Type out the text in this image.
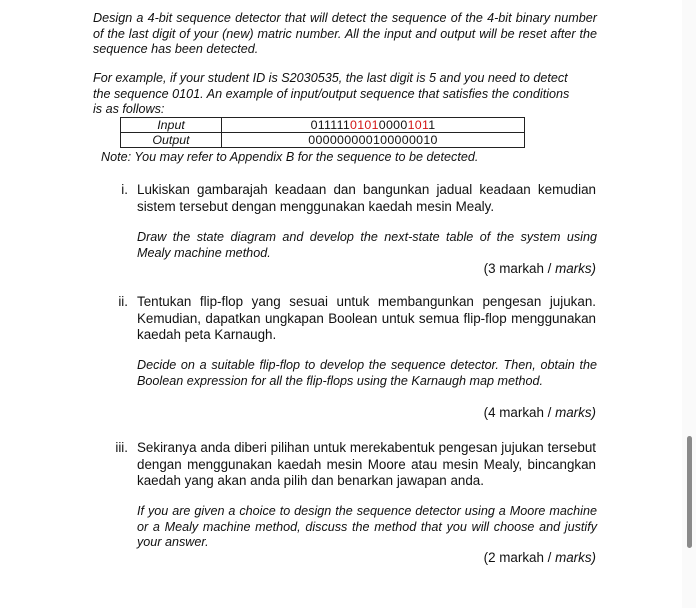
Design a 4-bit sequence detector that will detect the sequence of the 4-bit binary number of the last digit of your (new) matric number. All the input and output will be reset after the sequence has been detected.

For example, if your student ID is S2030535, the last digit is 5 and you need to detect
the sequence 0101. An example of input/output sequence that satisfies the conditions
is as follows:

Input	011111010100001011
Output	000000000100000010
Note: You may refer to Appendix B for the sequence to be detected.
i. Lukiskan gambarajah keadaan dan bangunkan jadual keadaan kemudian sistem tersebut dengan menggunakan kaedah mesin Mealy.
Draw the state diagram and develop the next-state table of the system using Mealy machine method.
(3 markah / marks)
ii. Tentukan flip-flop yang sesuai untuk membangunkan pengesan jujukan. Kemudian, dapatkan ungkapan Boolean untuk semua flip-flop menggunakan kaedah peta Karnaugh.
Decide on a suitable flip-flop to develop the sequence detector. Then, obtain the Boolean expression for all the flip-flops using the Karnaugh map method.
(4 markah / marks)
iii. Sekiranya anda diberi pilihan untuk merekabentuk pengesan jujukan tersebut dengan menggunakan kaedah mesin Moore atau mesin Mealy, bincangkan kaedah yang akan anda pilih dan benarkan jawapan anda.
If you are given a choice to design the sequence detector using a Moore machine or a Mealy machine method, discuss the method that you will choose and justify your answer.
(2 markah / marks)
